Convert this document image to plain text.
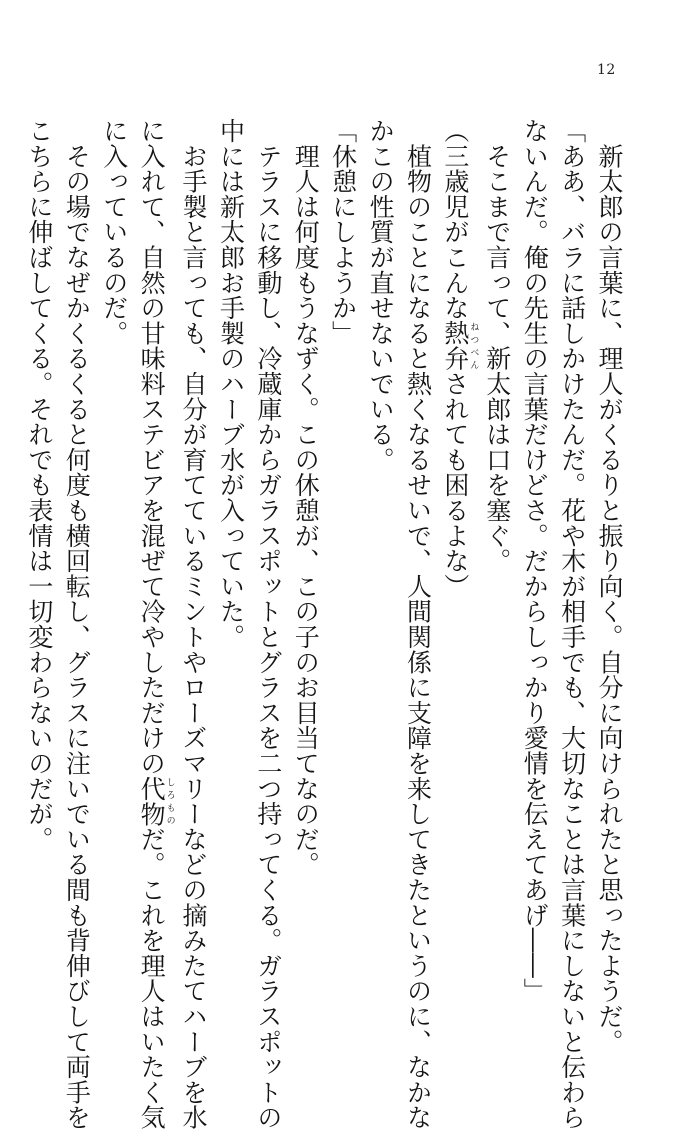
12
　新太郎の言葉に、理人がくるりと振り向く。自分に向けられたと思ったようだ。
「ああ、バラに話しかけたんだ。花や木が相手でも、大切なことは言葉にしないと伝わら
ないんだ。俺の先生の言葉だけどさ。だからしっかり愛情を伝えてあげ――」
　そこまで言って、新太郎は口を塞ぐ。
（三歳児がこんな熱弁ねつべんされても困るよな）
　植物のことになると熱くなるせいで、人間関係に支障を来してきたというのに、なかな
かこの性質が直せないでいる。
「休憩にしようか」
　理人は何度もうなずく。この休憩が、この子のお目当てなのだ。
　テラスに移動し、冷蔵庫からガラスポットとグラスを二つ持ってくる。ガラスポットの
中には新太郎お手製のハーブ水が入っていた。
　お手製と言っても、自分が育てているミントやローズマリーなどの摘みたてハーブを水
に入れて、自然の甘味料ステビアを混ぜて冷やしただけの代物しろものだ。これを理人はいたく気
に入っているのだ。
　その場でなぜかくるくると何度も横回転し、グラスに注いでいる間も背伸びして両手を
こちらに伸ばしてくる。それでも表情は一切変わらないのだが。
